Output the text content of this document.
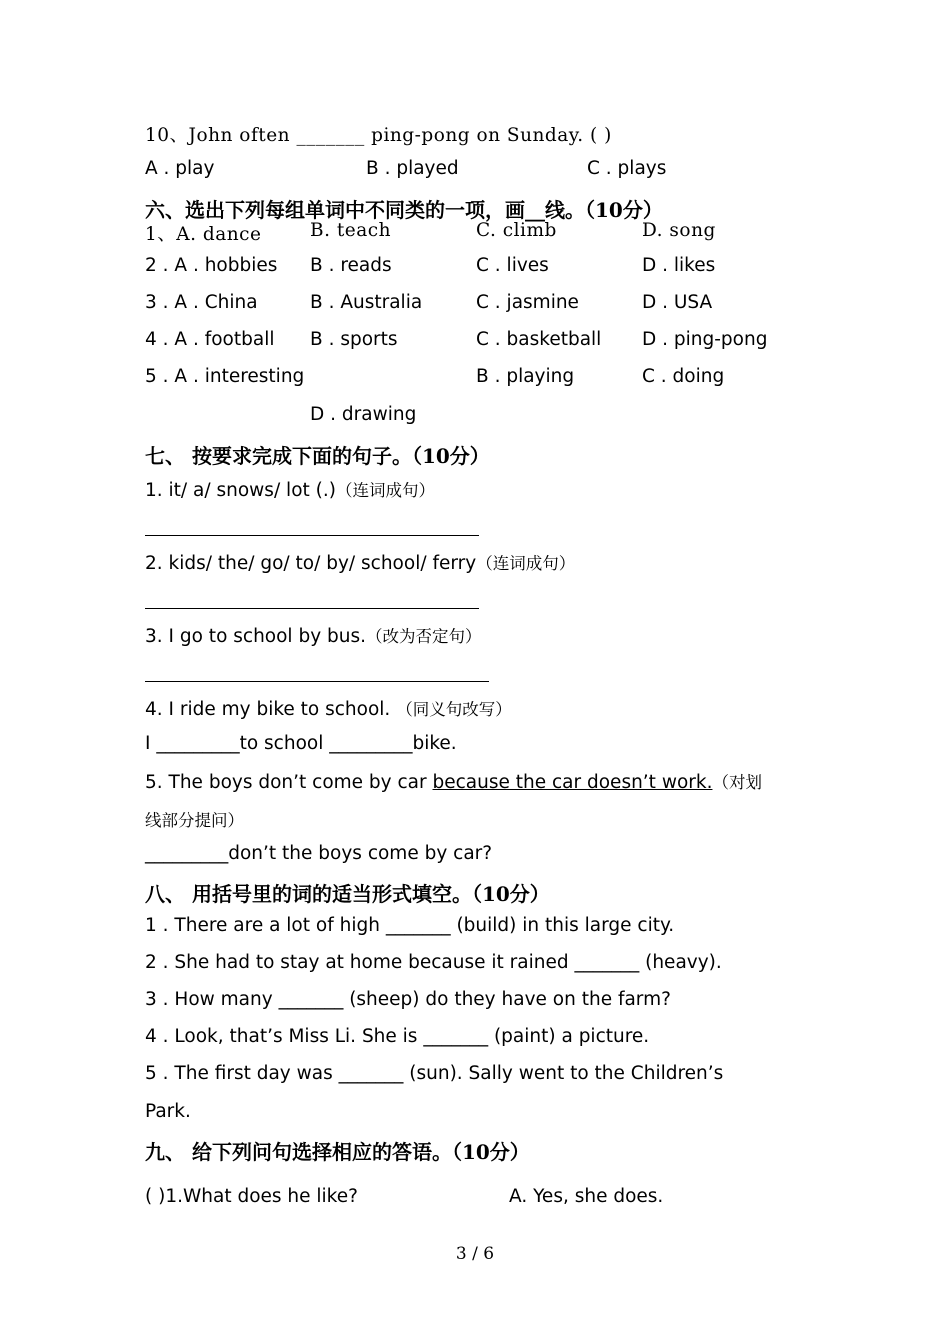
10、John often _______ ping-pong on Sunday. ( )
A . play	B . played	C . plays
六、选出下列每组单词中不同类的一项，画__线。（10分）
1、A. dance	B. teach	C. climb	D. song
2 . A . hobbies B . reads	C . lives	D . likes
3 . A . China	B . Australia	C . jasmine	D . USA
4 . A . football B . sports	C . basketball D . ping-pong
5 . A . interesting	B . playing	C . doing
D . drawing
七、 按要求完成下面的句子。（10分）
1. it/ a/ snows/ lot (.)（连词成句）
2. kids/ the/ go/ to/ by/ school/ ferry（连词成句）
3. I go to school by bus.（改为否定句）
4. I ride my bike to school. （同义句改写）
I _________to school _________bike.
5. The boys don’t come by car because the car doesn’t work.（对划
线部分提问）
_________don’t the boys come by car?
八、 用括号里的词的适当形式填空。（10分）
1 . There are a lot of high _______ (build) in this large city.
2 . She had to stay at home because it rained _______ (heavy).
3 . How many _______ (sheep) do they have on the farm?
4 . Look, that’s Miss Li. She is _______ (paint) a picture.
5 . The first day was _______ (sun). Sally went to the Children’s
Park.
九、 给下列问句选择相应的答语。（10分）
( )1.What does he like?	A. Yes, she does.
3 / 6
